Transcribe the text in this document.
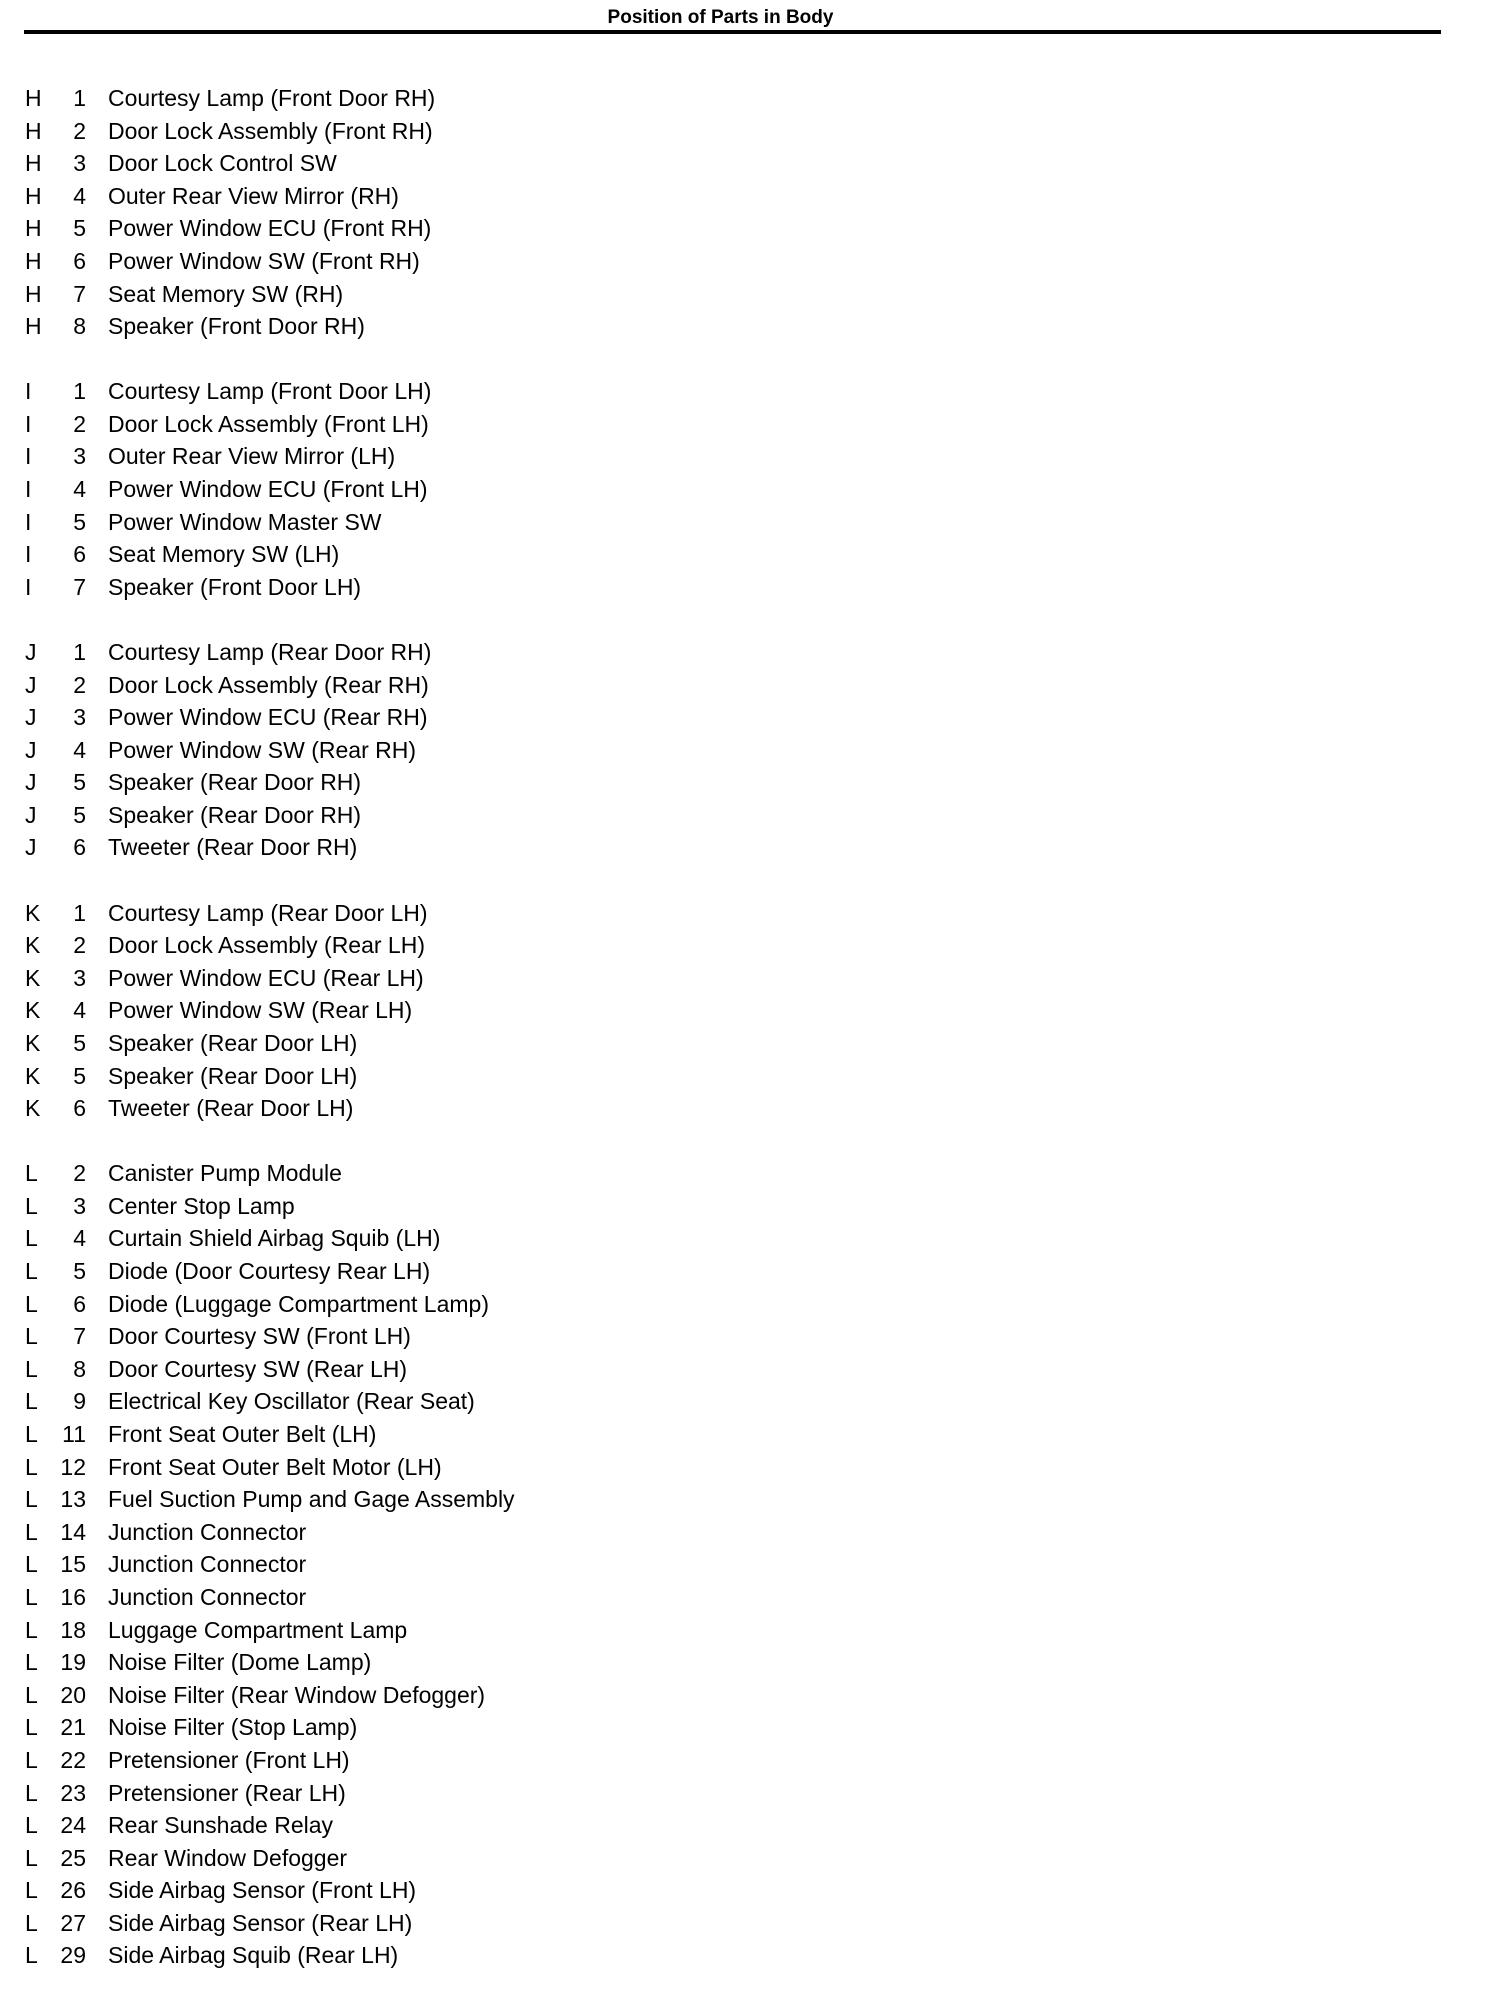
Position of Parts in Body
H	1 Courtesy Lamp (Front Door RH)
H	2 Door Lock Assembly (Front RH)
H	3 Door Lock Control SW
H	4 Outer Rear View Mirror (RH)
H	5 Power Window ECU (Front RH)
H	6 Power Window SW (Front RH)
H	7 Seat Memory SW (RH)
H	8 Speaker (Front Door RH)
I	1 Courtesy Lamp (Front Door LH)
I	2 Door Lock Assembly (Front LH)
I	3 Outer Rear View Mirror (LH)
I	4 Power Window ECU (Front LH)
I	5 Power Window Master SW
I	6 Seat Memory SW (LH)
I	7 Speaker (Front Door LH)
J	1 Courtesy Lamp (Rear Door RH)
J	2 Door Lock Assembly (Rear RH)
J	3 Power Window ECU (Rear RH)
J	4 Power Window SW (Rear RH)
J	5 Speaker (Rear Door RH)
J	5 Speaker (Rear Door RH)
J	6 Tweeter (Rear Door RH)
K	1 Courtesy Lamp (Rear Door LH)
K	2 Door Lock Assembly (Rear LH)
K	3 Power Window ECU (Rear LH)
K	4 Power Window SW (Rear LH)
K	5 Speaker (Rear Door LH)
K	5 Speaker (Rear Door LH)
K	6 Tweeter (Rear Door LH)
L	2 Canister Pump Module
L	3 Center Stop Lamp
L	4 Curtain Shield Airbag Squib (LH)
L	5 Diode (Door Courtesy Rear LH)
L	6 Diode (Luggage Compartment Lamp)
L	7 Door Courtesy SW (Front LH)
L	8 Door Courtesy SW (Rear LH)
L	9 Electrical Key Oscillator (Rear Seat)
L	11 Front Seat Outer Belt (LH)
L 12 Front Seat Outer Belt Motor (LH)
L 13 Fuel Suction Pump and Gage Assembly
L 14 Junction Connector
L 15 Junction Connector
L 16 Junction Connector
L 18 Luggage Compartment Lamp
L 19 Noise Filter (Dome Lamp)
L 20 Noise Filter (Rear Window Defogger)
L 21 Noise Filter (Stop Lamp)
L 22 Pretensioner (Front LH)
L 23 Pretensioner (Rear LH)
L 24 Rear Sunshade Relay
L 25 Rear Window Defogger
L 26 Side Airbag Sensor (Front LH)
L 27 Side Airbag Sensor (Rear LH)
L 29 Side Airbag Squib (Rear LH)
